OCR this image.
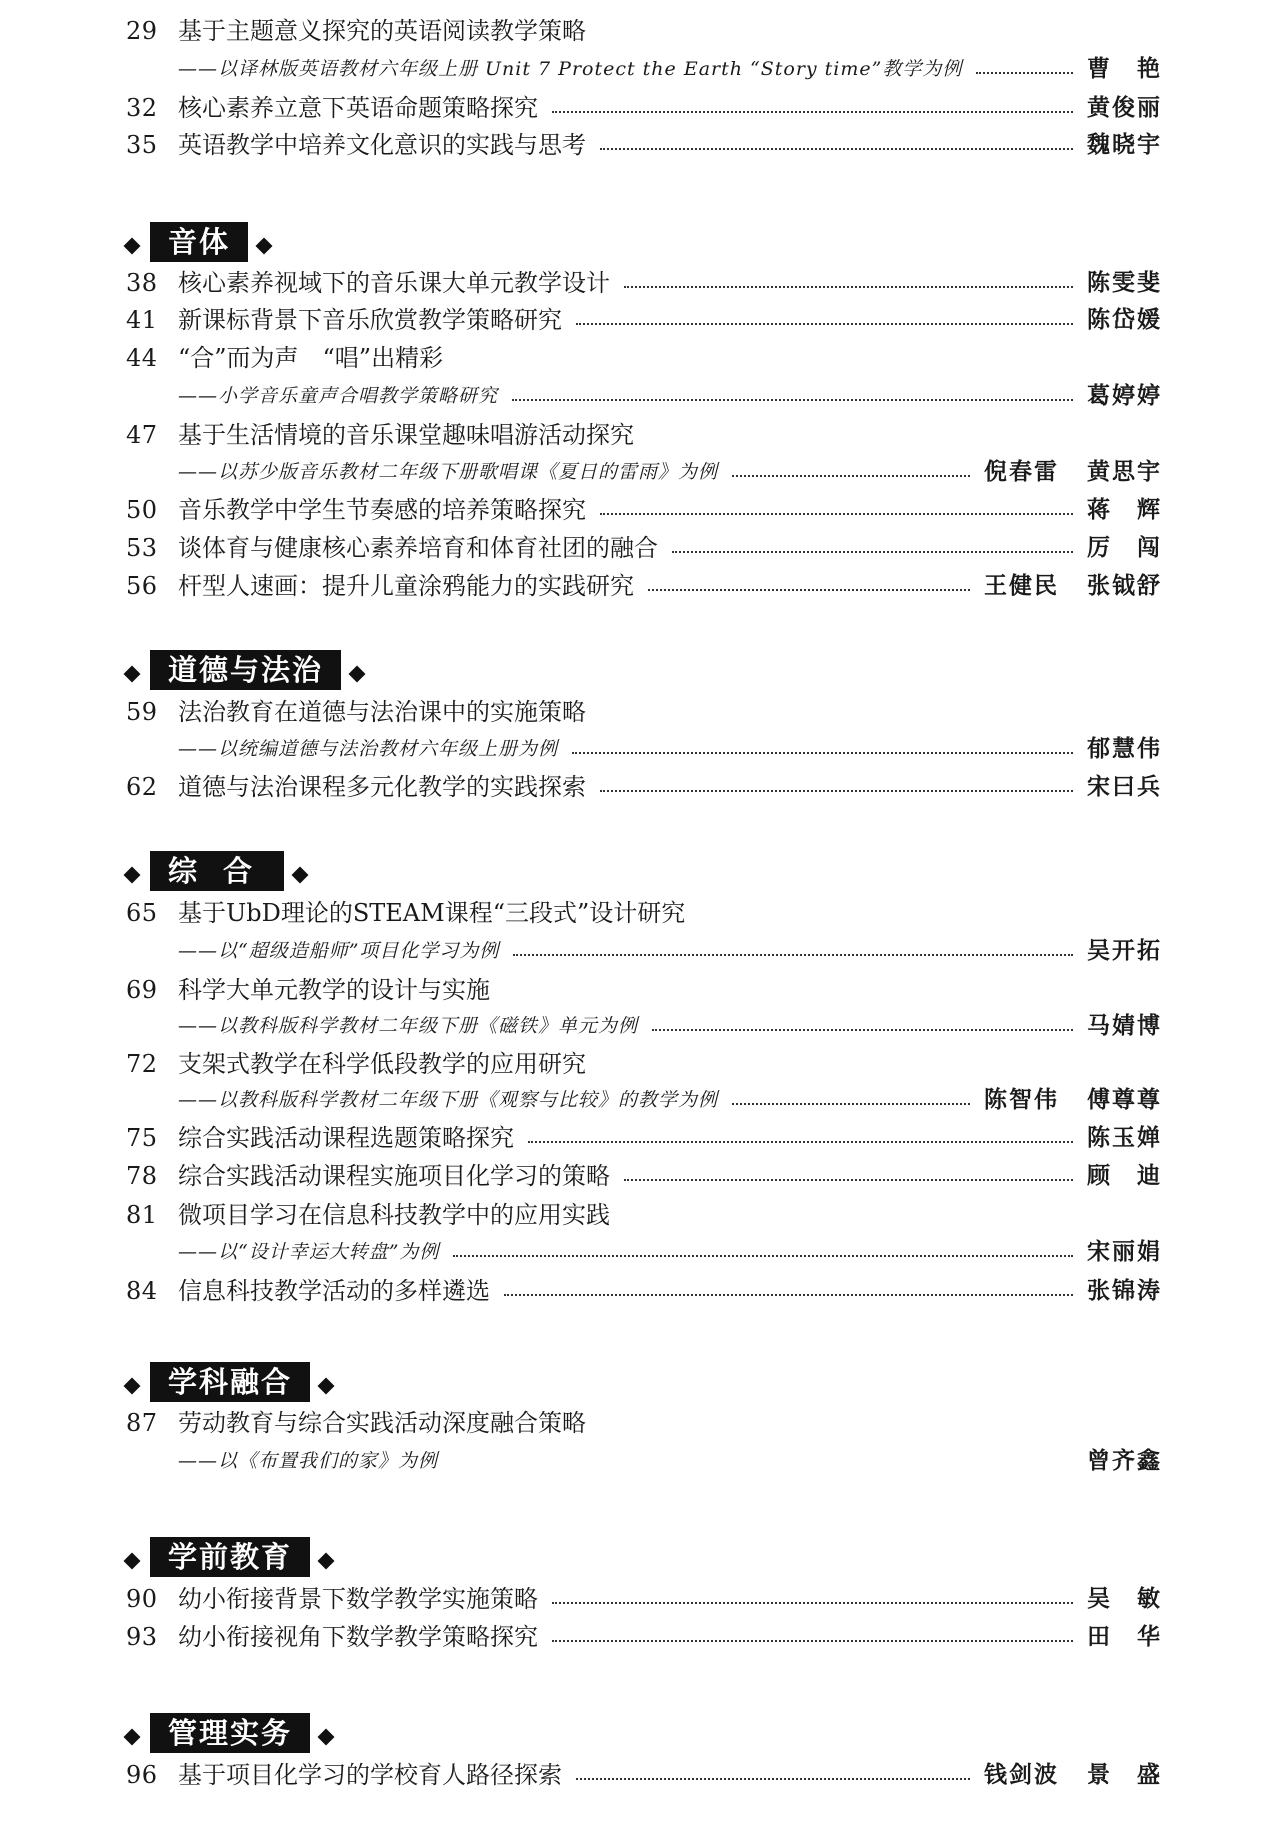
29 基于主题意义探究的英语阅读教学策略
——以译林版英语教材六年级上册 Unit 7 Protect the Earth “Story time”教学为例	曹　艳
32 核心素养立意下英语命题策略探究	黄俊丽
35 英语教学中培养文化意识的实践与思考	魏晓宇
音体
38 核心素养视域下的音乐课大单元教学设计	陈雯斐
41 新课标背景下音乐欣赏教学策略研究	陈岱媛
44 “合”而为声　“唱”出精彩
——小学音乐童声合唱教学策略研究	葛婷婷
47 基于生活情境的音乐课堂趣味唱游活动探究
——以苏少版音乐教材二年级下册歌唱课《夏日的雷雨》为例	倪春雷 黄思宇
50 音乐教学中学生节奏感的培养策略探究	蒋　辉
53 谈体育与健康核心素养培育和体育社团的融合	厉　闯
56 杆型人速画：提升儿童涂鸦能力的实践研究	王健民 张钺舒
道德与法治
59 法治教育在道德与法治课中的实施策略
——以统编道德与法治教材六年级上册为例	郁慧伟
62 道德与法治课程多元化教学的实践探索	宋曰兵
综合
65 基于UbD理论的STEAM课程“三段式”设计研究
——以“超级造船师”项目化学习为例	吴开拓
69 科学大单元教学的设计与实施
——以教科版科学教材二年级下册《磁铁》单元为例	马婧博
72 支架式教学在科学低段教学的应用研究
——以教科版科学教材二年级下册《观察与比较》的教学为例	陈智伟 傅尊尊
75 综合实践活动课程选题策略探究	陈玉婵
78 综合实践活动课程实施项目化学习的策略	顾　迪
81 微项目学习在信息科技教学中的应用实践
——以“设计幸运大转盘”为例	宋丽娟
84 信息科技教学活动的多样遴选	张锦涛
学科融合
87 劳动教育与综合实践活动深度融合策略
——以《布置我们的家》为例	曾齐鑫
学前教育
90 幼小衔接背景下数学教学实施策略	吴　敏
93 幼小衔接视角下数学教学策略探究	田　华
管理实务
96 基于项目化学习的学校育人路径探索	钱剑波 景　盛
